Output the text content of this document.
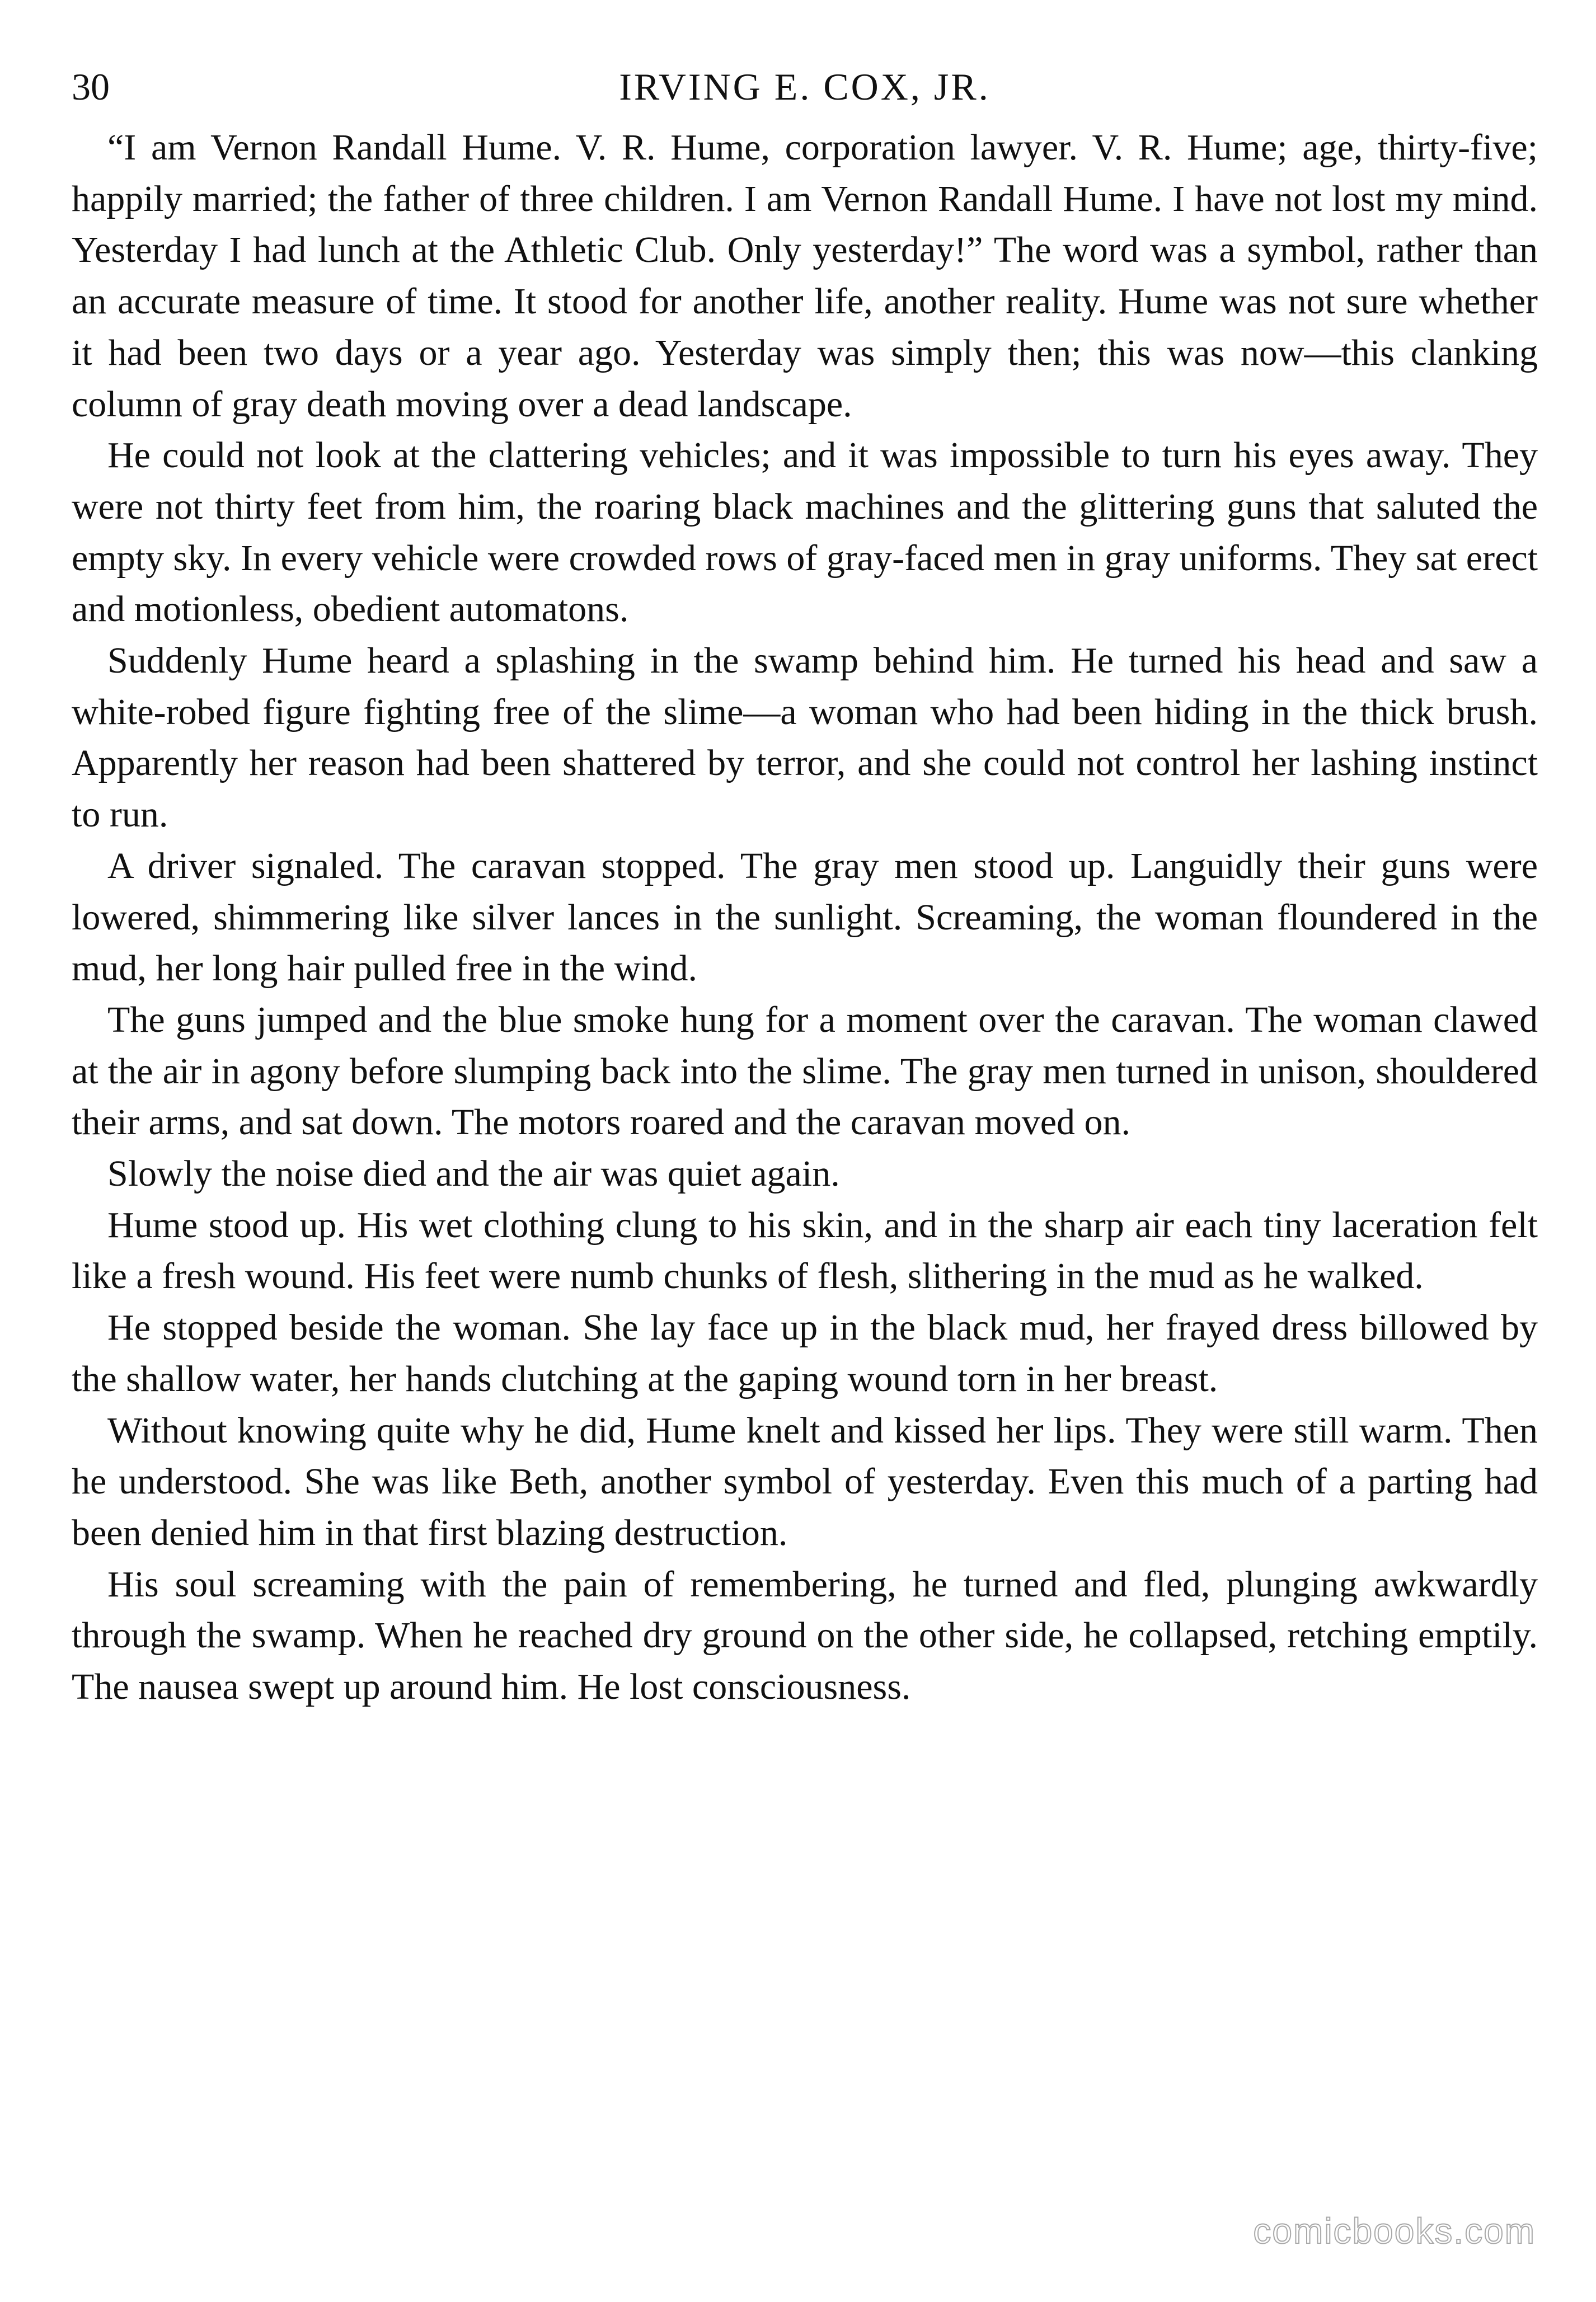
30	IRVING E. COX, JR.

“I am Vernon Randall Hume. V. R. Hume, corporation lawyer. V. R. Hume; age, thirty-five; happily married; the father of three children. I am Vernon Randall Hume. I have not lost my mind. Yesterday I had lunch at the Athletic Club. Only yesterday!” The word was a symbol, rather than an accurate measure of time. It stood for another life, another reality. Hume was not sure whether it had been two days or a year ago. Yesterday was simply then; this was now—this clanking column of gray death moving over a dead landscape.

He could not look at the clattering vehicles; and it was impossible to turn his eyes away. They were not thirty feet from him, the roaring black machines and the glittering guns that saluted the empty sky. In every vehicle were crowded rows of gray-faced men in gray uniforms. They sat erect and motionless, obedient automatons.

Suddenly Hume heard a splashing in the swamp behind him. He turned his head and saw a white-robed figure fighting free of the slime—a woman who had been hiding in the thick brush. Apparently her reason had been shattered by terror, and she could not control her lashing instinct to run.

A driver signaled. The caravan stopped. The gray men stood up. Languidly their guns were lowered, shimmering like silver lances in the sunlight. Screaming, the woman floundered in the mud, her long hair pulled free in the wind.

The guns jumped and the blue smoke hung for a moment over the caravan. The woman clawed at the air in agony before slumping back into the slime. The gray men turned in unison, shouldered their arms, and sat down. The motors roared and the caravan moved on.

Slowly the noise died and the air was quiet again.

Hume stood up. His wet clothing clung to his skin, and in the sharp air each tiny laceration felt like a fresh wound. His feet were numb chunks of flesh, slithering in the mud as he walked.

He stopped beside the woman. She lay face up in the black mud, her frayed dress billowed by the shallow water, her hands clutching at the gaping wound torn in her breast.

Without knowing quite why he did, Hume knelt and kissed her lips. They were still warm. Then he understood. She was like Beth, another symbol of yesterday. Even this much of a parting had been denied him in that first blazing destruction.

His soul screaming with the pain of remembering, he turned and fled, plunging awkwardly through the swamp. When he reached dry ground on the other side, he collapsed, retching emptily. The nausea swept up around him. He lost consciousness.

comicbooks.com
